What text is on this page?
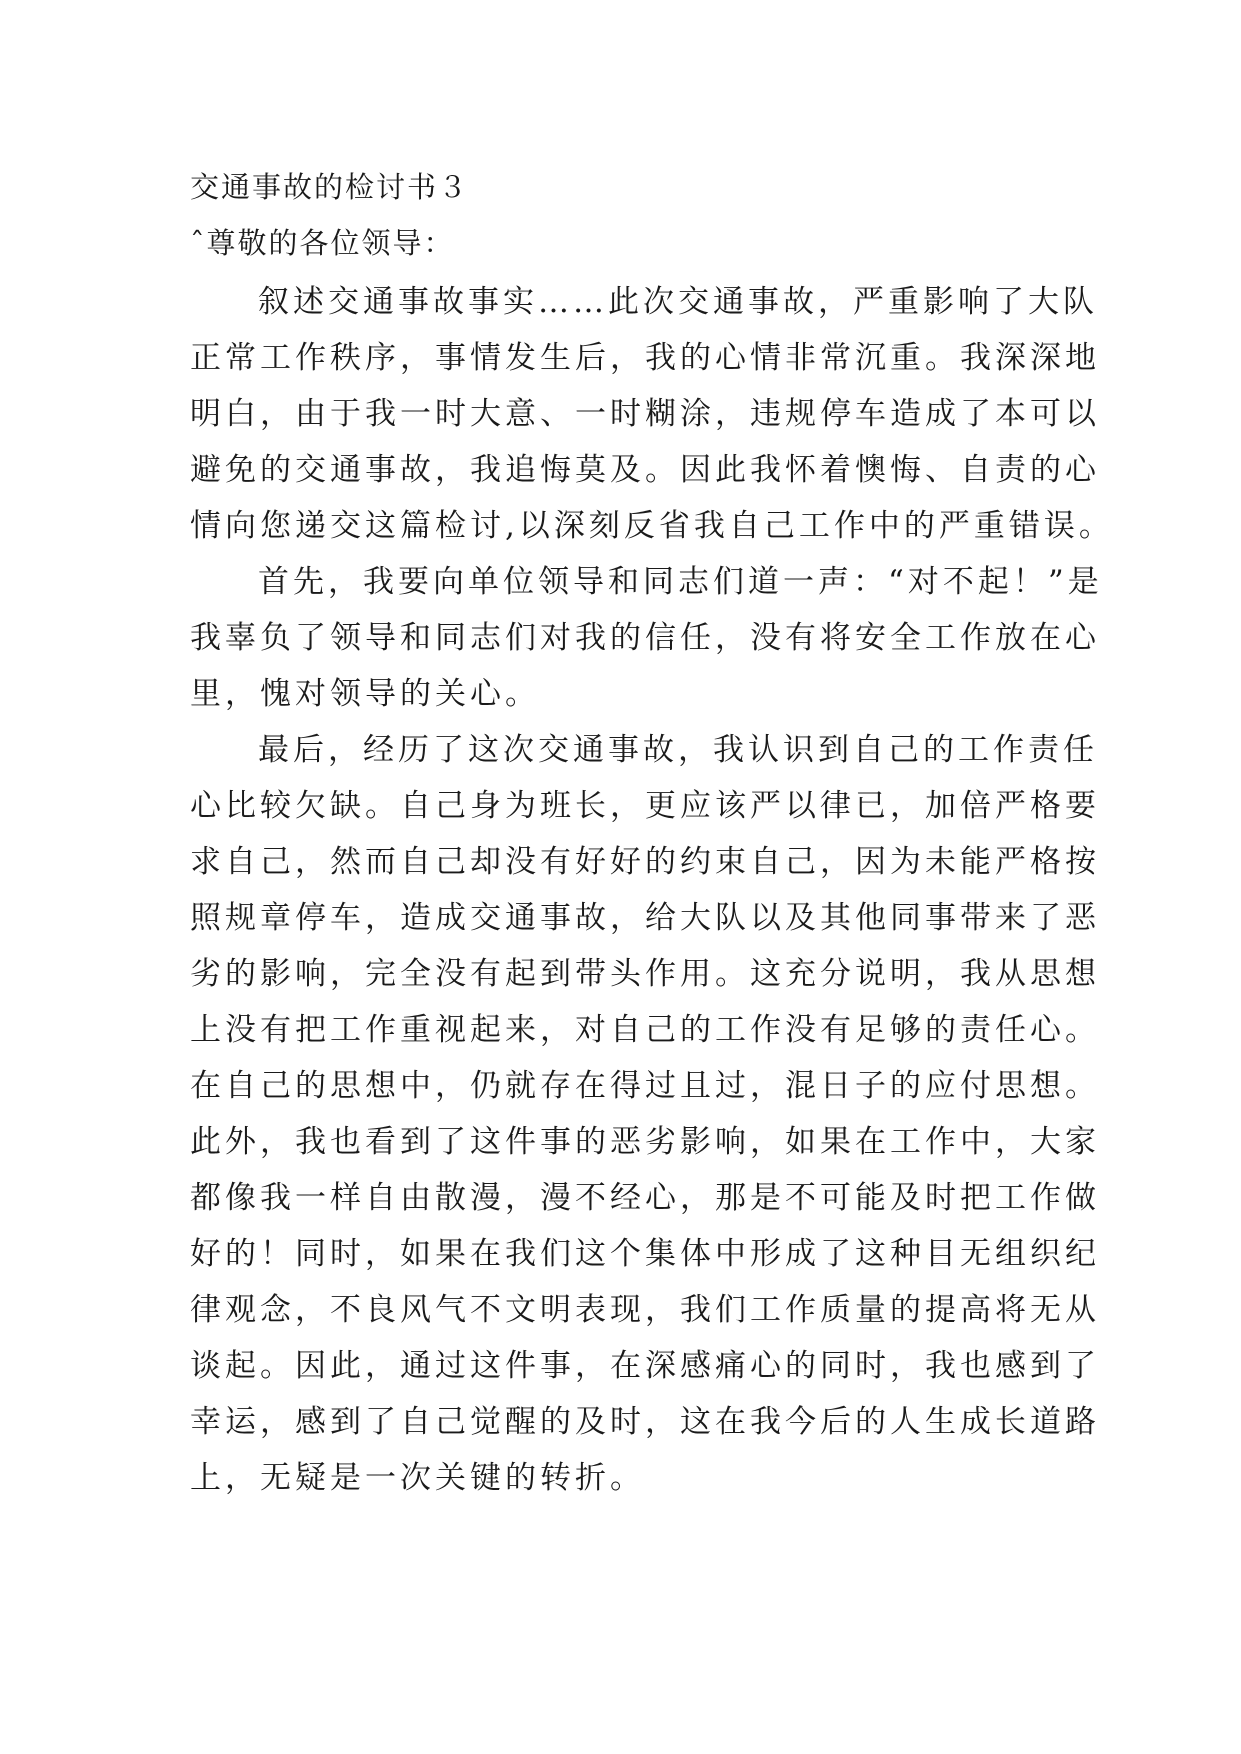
交通事故的检讨书３
ˆ尊敬的各位领导：
叙述交通事故事实……此次交通事故，严重影响了大队
正常工作秩序，事情发生后，我的心情非常沉重。我深深地
明白，由于我一时大意、一时糊涂，违规停车造成了本可以
避免的交通事故，我追悔莫及。因此我怀着懊悔、自责的心
情向您递交这篇检讨,以深刻反省我自己工作中的严重错误。
首先，我要向单位领导和同志们道一声：“对不起！”是
我辜负了领导和同志们对我的信任，没有将安全工作放在心
里，愧对领导的关心。
最后，经历了这次交通事故，我认识到自己的工作责任
心比较欠缺。自己身为班长，更应该严以律已，加倍严格要
求自己，然而自己却没有好好的约束自己，因为未能严格按
照规章停车，造成交通事故，给大队以及其他同事带来了恶
劣的影响，完全没有起到带头作用。这充分说明，我从思想
上没有把工作重视起来，对自己的工作没有足够的责任心。
在自己的思想中，仍就存在得过且过，混日子的应付思想。
此外，我也看到了这件事的恶劣影响，如果在工作中，大家
都像我一样自由散漫，漫不经心，那是不可能及时把工作做
好的！同时，如果在我们这个集体中形成了这种目无组织纪
律观念，不良风气不文明表现，我们工作质量的提高将无从
谈起。因此，通过这件事，在深感痛心的同时，我也感到了
幸运，感到了自己觉醒的及时，这在我今后的人生成长道路
上，无疑是一次关键的转折。
